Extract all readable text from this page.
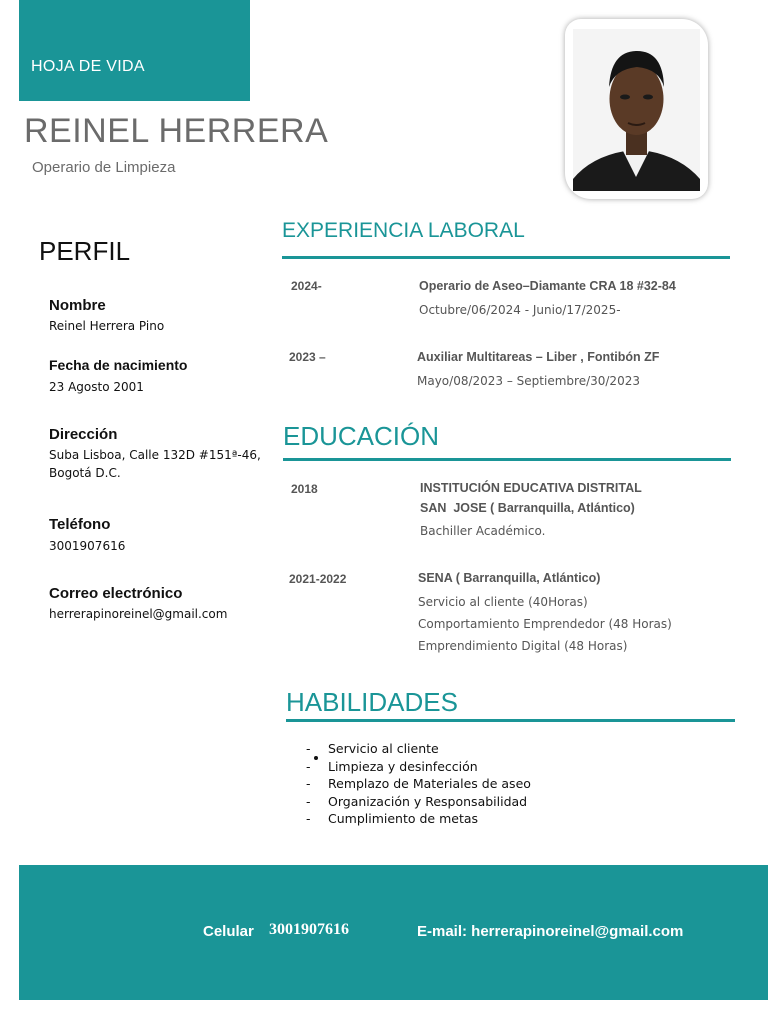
HOJA DE VIDA
REINEL HERRERA
Operario de Limpieza
PERFIL
Nombre
Reinel Herrera Pino
Fecha de nacimiento
23 Agosto 2001
Dirección
Suba Lisboa, Calle 132D #151ª-46, Bogotá D.C.
Teléfono
3001907616
Correo electrónico
herrerapinoreinel@gmail.com
EXPERIENCIA LABORAL
2024-	Operario de Aseo–Diamante CRA 18 #32-84
Octubre/06/2024 - Junio/17/2025-
2023 –	Auxiliar Multitareas – Liber , Fontibón ZF
Mayo/08/2023 – Septiembre/30/2023
EDUCACIÓN
2018	INSTITUCIÓN EDUCATIVA DISTRITAL
SAN  JOSE ( Barranquilla, Atlántico)
Bachiller Académico.
2021-2022	SENA ( Barranquilla, Atlántico)
Servicio al cliente (40Horas)
Comportamiento Emprendedor (48 Horas)
Emprendimiento Digital (48 Horas)
HABILIDADES
- Servicio al cliente
- Limpieza y desinfección
- Remplazo de Materiales de aseo
- Organización y Responsabilidad
- Cumplimiento de metas
Celular 3001907616	E-mail: herrerapinoreinel@gmail.com
